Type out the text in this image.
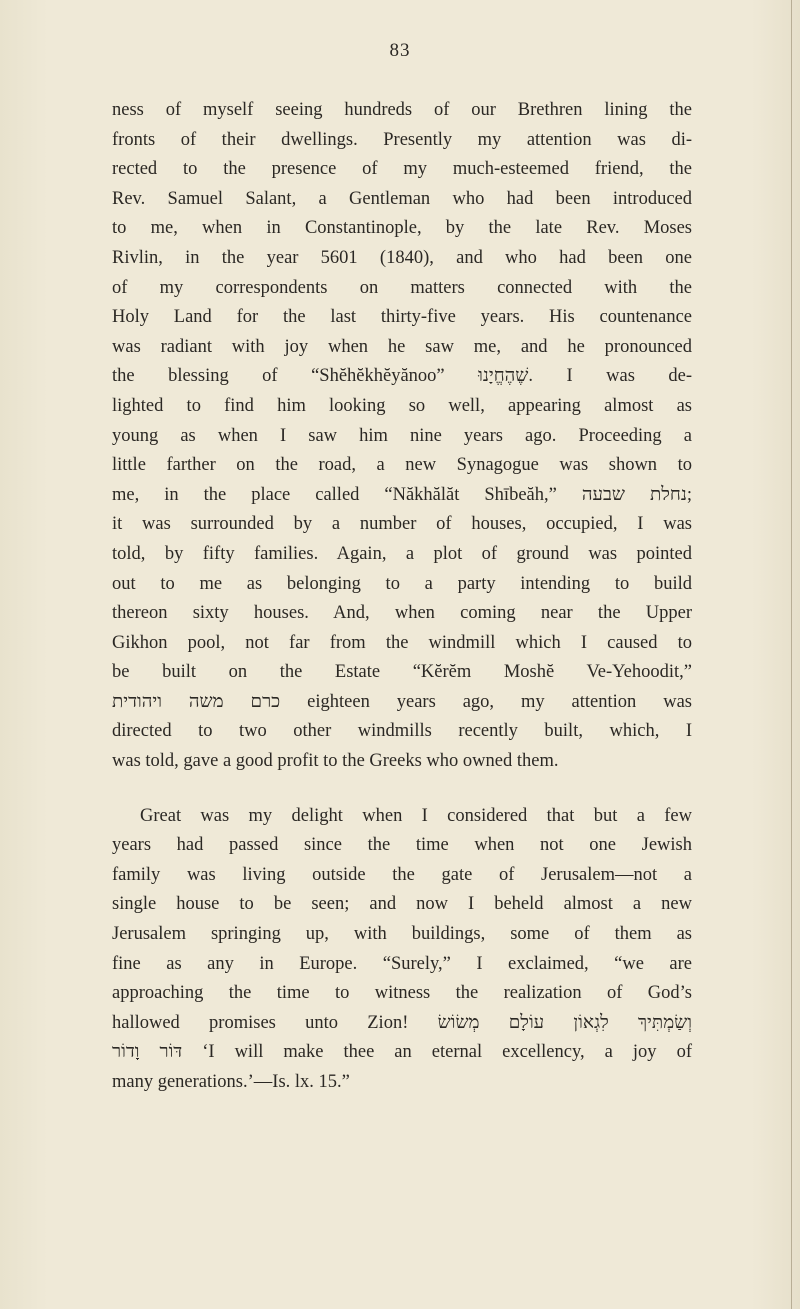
83

ness of myself seeing hundreds of our Brethren lining the

fronts of their dwellings. Presently my attention was di-

rected to the presence of my much-esteemed friend, the

Rev. Samuel Salant, a Gentleman who had been introduced

to me, when in Constantinople, by the late Rev. Moses

Rivlin, in the year 5601 (1840), and who had been one

of my correspondents on matters connected with the

Holy Land for the last thirty-five years. His countenance

was radiant with joy when he saw me, and he pronounced

the blessing of “Shĕhĕkhĕyănoo” שֶׁהֶחֱיָנוּ. I was de-

lighted to find him looking so well, appearing almost as

young as when I saw him nine years ago. Proceeding a

little farther on the road, a new Synagogue was shown to

me, in the place called “Năkhălăt Shībeăh,” נחלת שבעה;

it was surrounded by a number of houses, occupied, I was

told, by fifty families. Again, a plot of ground was pointed

out to me as belonging to a party intending to build

thereon sixty houses. And, when coming near the Upper

Gikhon pool, not far from the windmill which I caused to

be built on the Estate “Kĕrĕm Moshĕ Ve-Yehoodit,”

כרם משה ויהודית eighteen years ago, my attention was

directed to two other windmills recently built, which, I

was told, gave a good profit to the Greeks who owned them.

Great was my delight when I considered that but a few

years had passed since the time when not one Jewish

family was living outside the gate of Jerusalem—not a

single house to be seen; and now I beheld almost a new

Jerusalem springing up, with buildings, some of them as

fine as any in Europe. “Surely,” I exclaimed, “we are

approaching the time to witness the realization of God’s

hallowed promises unto Zion! וְשַׂמְתִּיךְ לִגְאוֹן עוֹלָם מְשׂוֹשׂ

דּוֹר וָדוֹר ‘I will make thee an eternal excellency, a joy of

many generations.’—Is. lx. 15.”
